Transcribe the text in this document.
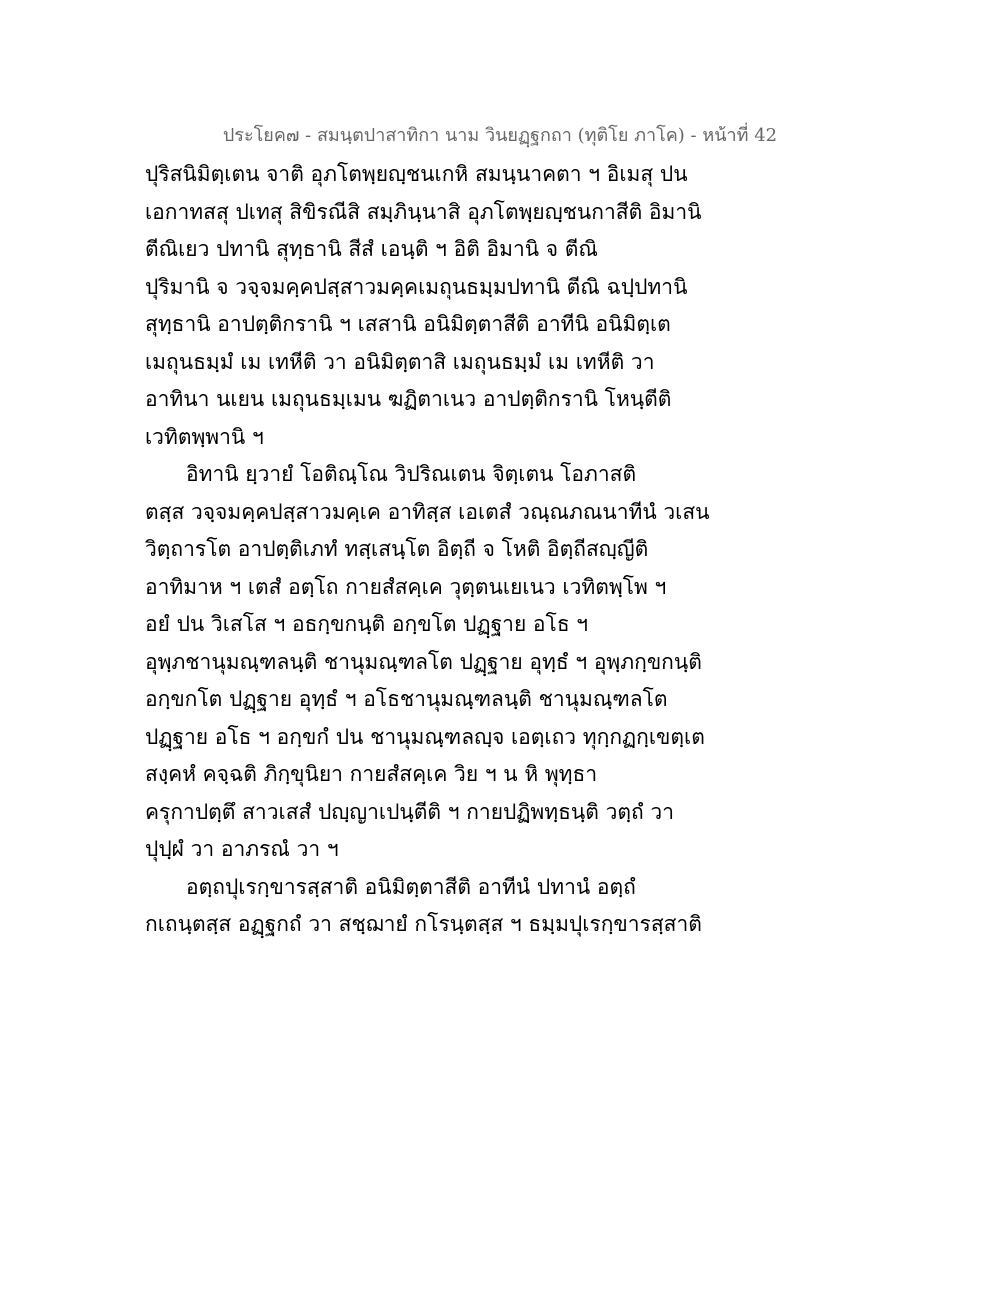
ประโยค๗ - สมนฺตปาสาทิกา นาม วินยฏฺฐกถา (ทุติโย ภาโค) - หน้าที่ 42
ปุริสนิมิตฺเตน จาติ อุภโตพฺยญฺชนเกหิ สมนฺนาคตา ฯ อิเมสุ ปน
เอกาทสสุ ปเทสุ สิขิรณีสิ สมฺภินฺนาสิ อุภโตพฺยญฺชนกาสีติ อิมานิ
ตีณิเยว ปทานิ สุทฺธานิ สีสํ เอนฺติ ฯ อิติ อิมานิ จ ตีณิ
ปุริมานิ จ วจฺจมคฺคปสฺสาวมคฺคเมถุนธมฺมปทานิ ตีณิ ฉปฺปทานิ
สุทฺธานิ อาปตฺติกรานิ ฯ เสสานิ อนิมิตฺตาสีติ อาทีนิ อนิมิตฺเต
เมถุนธมฺมํ เม เทหีติ วา อนิมิตฺตาสิ เมถุนธมฺมํ เม เทหีติ วา
อาทินา นเยน เมถุนธมฺเมน ฆฏิตาเนว อาปตฺติกรานิ โหนฺตีติ
เวทิตพฺพานิ ฯ
อิทานิ ยฺวายํ โอติณฺโณ วิปริณเตน จิตฺเตน โอภาสติ
ตสฺส วจฺจมคฺคปสฺสาวมคฺเค อาทิสฺส เอเตสํ วณฺณภณนาทีนํ วเสน
วิตฺถารโต อาปตฺติเภทํ ทสฺเสนฺโต อิตฺถี จ โหติ อิตฺถีสญฺญีติ
อาทิมาห ฯ เตสํ อตฺโถ กายสํสคฺเค วุตฺตนเยเนว เวทิตพฺโพ ฯ
อยํ ปน วิเสโส ฯ อธกฺขกนฺติ อกฺขโต ปฏฺฐาย อโธ ฯ
อุพฺภชานุมณฺฑลนฺติ ชานุมณฺฑลโต ปฏฺฐาย อุทฺธํ ฯ อุพฺภกฺขกนฺติ
อกฺขกโต ปฏฺฐาย อุทฺธํ ฯ อโธชานุมณฺฑลนฺติ ชานุมณฺฑลโต
ปฏฺฐาย อโธ ฯ อกฺขกํ ปน ชานุมณฺฑลญฺจ เอตฺเถว ทุกฺกฏกฺเขตฺเต
สงฺคหํ คจฺฉติ ภิกฺขุนิยา กายสํสคฺเค วิย ฯ น หิ พุทฺธา
ครุกาปตฺตึ สาวเสสํ ปญฺญาเปนฺตีติ ฯ กายปฏิพทฺธนฺติ วตฺถํ วา
ปุปฺผํ วา อาภรณํ วา ฯ
อตฺถปุเรกฺขารสฺสาติ อนิมิตฺตาสีติ อาทีนํ ปทานํ อตฺถํ
กเถนฺตสฺส อฏฺฐกถํ วา สชฺฌายํ กโรนฺตสฺส ฯ ธมฺมปุเรกฺขารสฺสาติ
